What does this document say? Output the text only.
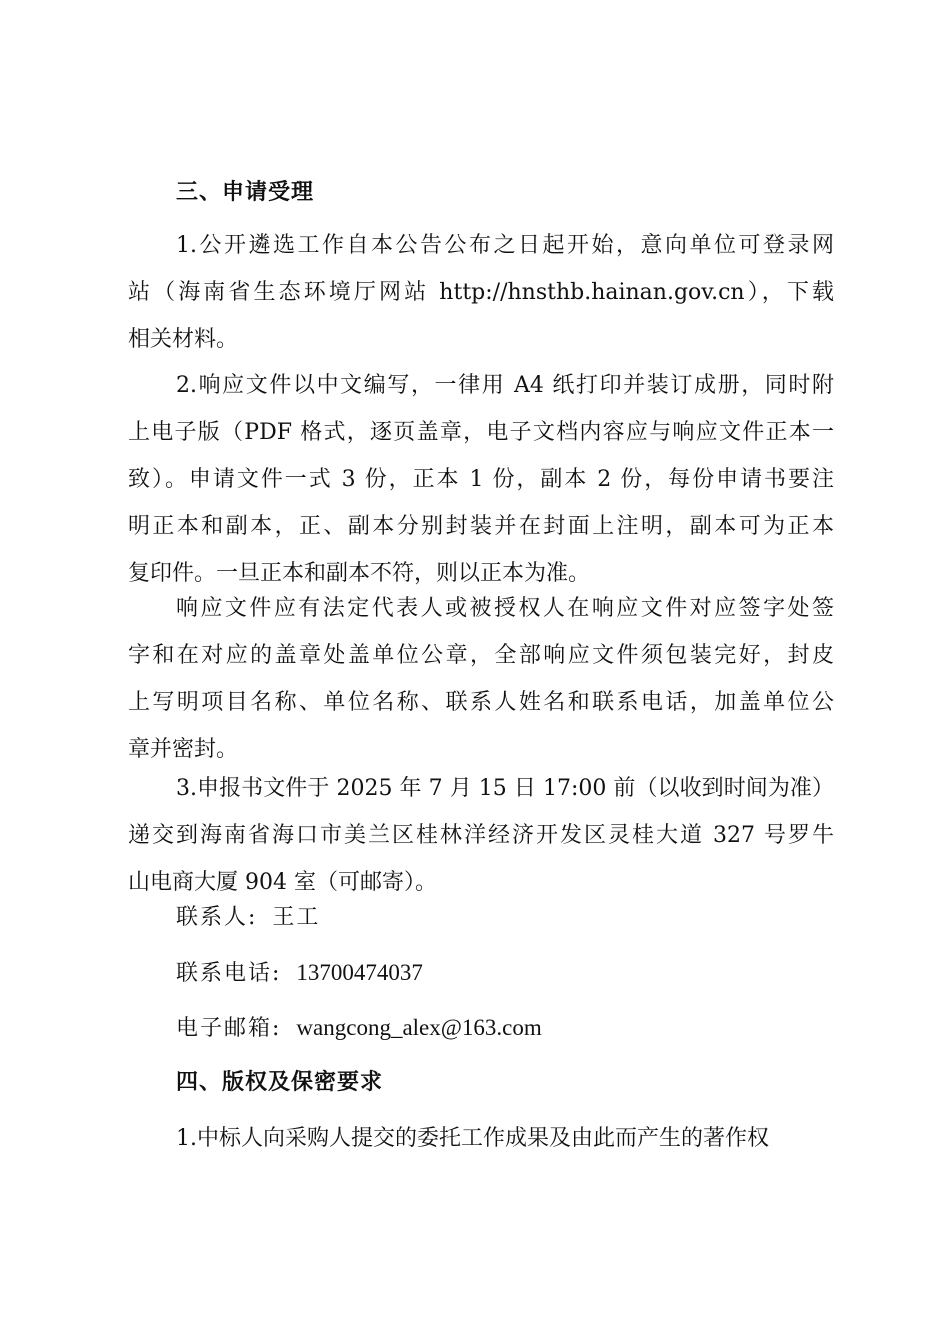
三、申请受理
1.公开遴选工作自本公告公布之日起开始，意向单位可登录网
站（海南省生态环境厅网站 http://hnsthb.hainan.gov.cn），下载
相关材料。
2.响应文件以中文编写，一律用 A4 纸打印并装订成册，同时附
上电子版（PDF 格式，逐页盖章，电子文档内容应与响应文件正本一
致）。申请文件一式 3 份，正本 1 份，副本 2 份，每份申请书要注
明正本和副本，正、副本分别封装并在封面上注明，副本可为正本
复印件。一旦正本和副本不符，则以正本为准。
响应文件应有法定代表人或被授权人在响应文件对应签字处签
字和在对应的盖章处盖单位公章，全部响应文件须包装完好，封皮
上写明项目名称、单位名称、联系人姓名和联系电话，加盖单位公
章并密封。
3.申报书文件于 2025 年 7 月 15 日 17:00 前（以收到时间为准）
递交到海南省海口市美兰区桂林洋经济开发区灵桂大道 327 号罗牛
山电商大厦 904 室（可邮寄）。
联系人: 王工
联系电话: 13700474037
电子邮箱: wangcong_alex@163.com
四、版权及保密要求
1.中标人向采购人提交的委托工作成果及由此而产生的著作权
